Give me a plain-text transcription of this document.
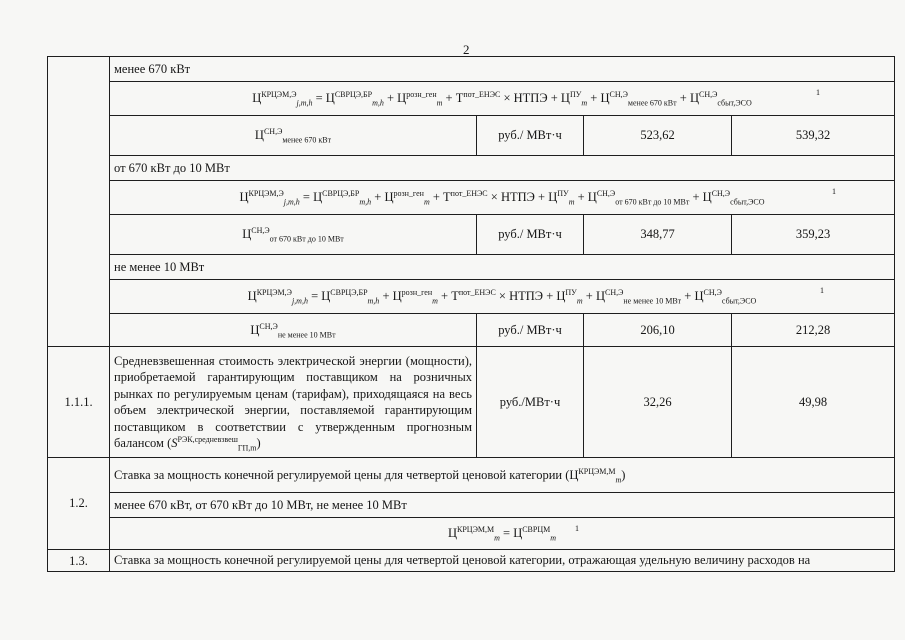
2
	менее 670 кВт			
	$Ц^{КРЦЭМ,Э}_{j,m,h} = Ц^{СВРЦЭ,БР}_{m,h} + Ц^{розн\_ген}_m + Т^{пот\_ЕНЭС}$ × НТПЭ + $Ц^{ПУ}_m + Ц^{СН,Э}_{менее 670 кВт} + Ц^{СН,Э}_{сбыт,ЭСО}$
1			

	$Ц^{СН,Э}_{менее 670 кВт}$	руб./ МВт·ч	523,62	539,32
	от 670 кВт до 10 МВт			
	$Ц^{КРЦЭМ,Э}_{j,m,h} = Ц^{СВРЦЭ,БР}_{m,h} + Ц^{розн\_ген}_m + Т^{пот\_ЕНЭС}$ × НТПЭ + $Ц^{ПУ}_m + Ц^{СН,Э}_{от 670 кВт до 10 МВт} + Ц^{СН,Э}_{сбыт,ЭСО}$
1			

	$Ц^{СН,Э}_{от 670 кВт до 10 МВт}$	руб./ МВт·ч	348,77	359,23
	не менее 10 МВт			
	$Ц^{КРЦЭМ,Э}_{j,m,h} = Ц^{СВРЦЭ,БР}_{m,h} + Ц^{розн\_ген}_m + Т^{пот\_ЕНЭС}$ × НТПЭ + $Ц^{ПУ}_m + Ц^{СН,Э}_{не менее 10 МВт} + Ц^{СН,Э}_{сбыт,ЭСО}$
1			

	$Ц^{СН,Э}_{не менее 10 МВт}$	руб./ МВт·ч	206,10	212,28
1.1.1.	Средневзвешенная стоимость электрической энергии (мощности), приобретаемой гарантирующим поставщиком на розничных рынках по регулируемым ценам (тарифам), приходящаяся на весь объем электрической энергии, поставляемой гарантирующим поставщиком в соответствии с утвержденным прогнозным балансом $(S^{РЭК,средневзвеш}_{ГП,m})$	руб./МВт·ч	32,26	49,98
1.2.	Ставка за мощность конечной регулируемой цены для четвертой ценовой категории $(Ц^{КРЦЭМ,М}_m)$			
	менее 670 кВт, от 670 кВт до 10 МВт, не менее 10 МВт			
	$Ц^{КРЦЭМ,М}_m = Ц^{СВРЦМ}_m$
1			

1.3.	Ставка за мощность конечной регулируемой цены для четвертой ценовой категории, отражающая удельную величину расходов на			
